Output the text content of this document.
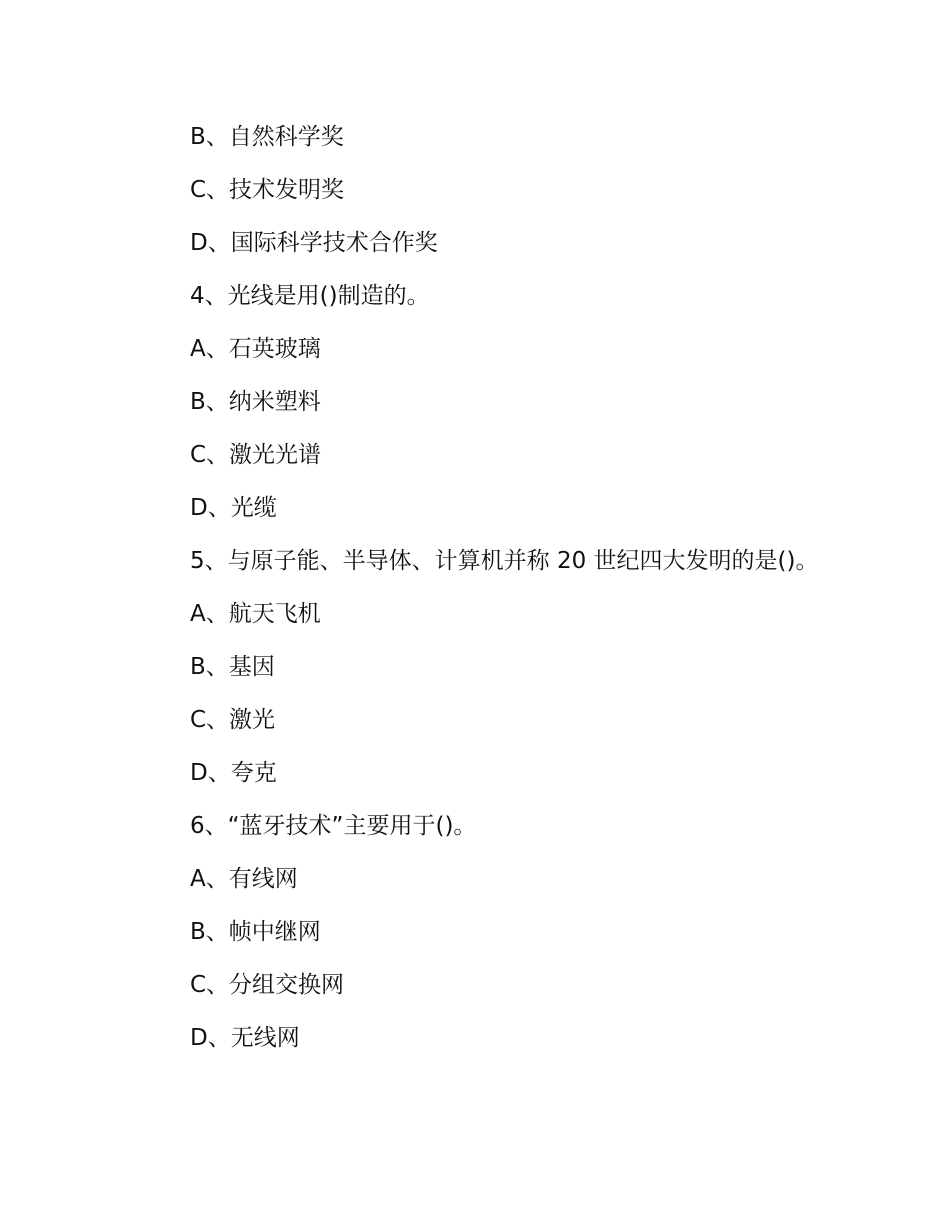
B、自然科学奖

C、技术发明奖

D、国际科学技术合作奖

4、光线是用()制造的。

A、石英玻璃

B、纳米塑料

C、激光光谱

D、光缆

5、与原子能、半导体、计算机并称 20 世纪四大发明的是()。

A、航天飞机

B、基因

C、激光

D、夸克

6、“蓝牙技术”主要用于()。

A、有线网

B、帧中继网

C、分组交换网

D、无线网
